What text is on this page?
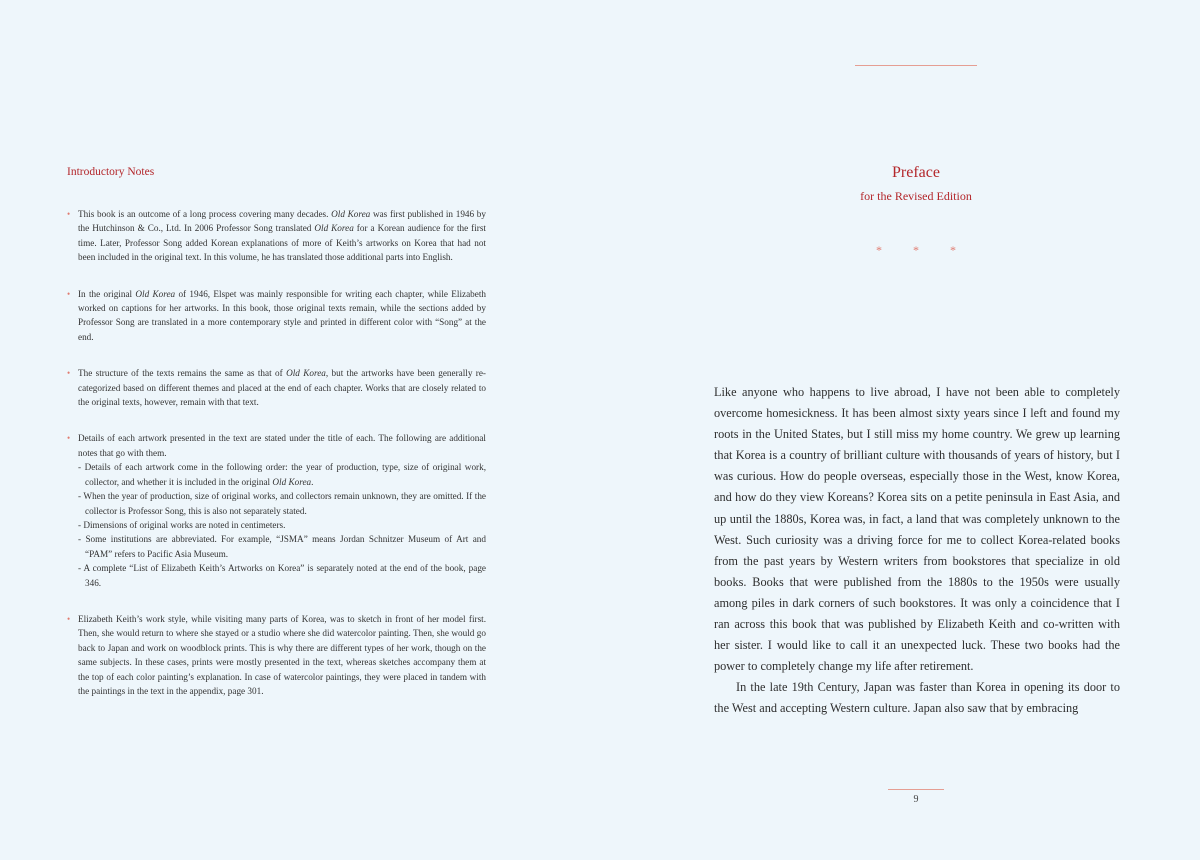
Introductory Notes
• This book is an outcome of a long process covering many decades. Old Korea was first published in 1946 by the Hutchinson & Co., Ltd. In 2006 Professor Song translated Old Korea for a Korean audience for the first time. Later, Professor Song added Korean explanations of more of Keith’s artworks on Korea that had not been included in the original text. In this volume, he has translated those additional parts into English.
• In the original Old Korea of 1946, Elspet was mainly responsible for writing each chapter, while Elizabeth worked on captions for her artworks. In this book, those original texts remain, while the sections added by Professor Song are translated in a more contemporary style and printed in different color with “Song” at the end.
• The structure of the texts remains the same as that of Old Korea, but the artworks have been generally re-categorized based on different themes and placed at the end of each chapter. Works that are closely related to the original texts, however, remain with that text.
• Details of each artwork presented in the text are stated under the title of each. The following are additional notes that go with them.
- Details of each artwork come in the following order: the year of production, type, size of original work, collector, and whether it is included in the original Old Korea.
- When the year of production, size of original works, and collectors remain unknown, they are omitted. If the collector is Professor Song, this is also not separately stated.
- Dimensions of original works are noted in centimeters.
- Some institutions are abbreviated. For example, “JSMA” means Jordan Schnitzer Museum of Art and “PAM” refers to Pacific Asia Museum.
- A complete “List of Elizabeth Keith’s Artworks on Korea” is separately noted at the end of the book, page 346.
• Elizabeth Keith’s work style, while visiting many parts of Korea, was to sketch in front of her model first. Then, she would return to where she stayed or a studio where she did watercolor painting. Then, she would go back to Japan and work on woodblock prints. This is why there are different types of her work, though on the same subjects. In these cases, prints were mostly presented in the text, whereas sketches accompany them at the top of each color painting’s explanation. In case of watercolor paintings, they were placed in tandem with the paintings in the text in the appendix, page 301.
Preface
for the Revised Edition
* * *

Like anyone who happens to live abroad, I have not been able to completely overcome homesickness. It has been almost sixty years since I left and found my roots in the United States, but I still miss my home country. We grew up learning that Korea is a country of brilliant culture with thousands of years of history, but I was curious. How do people overseas, especially those in the West, know Korea, and how do they view Koreans? Korea sits on a petite peninsula in East Asia, and up until the 1880s, Korea was, in fact, a land that was completely unknown to the West. Such curiosity was a driving force for me to collect Korea-related books from the past years by Western writers from bookstores that specialize in old books. Books that were published from the 1880s to the 1950s were usually among piles in dark corners of such bookstores. It was only a coincidence that I ran across this book that was published by Elizabeth Keith and co-written with her sister. I would like to call it an unexpected luck. These two books had the power to completely change my life after retirement.

In the late 19th Century, Japan was faster than Korea in opening its door to the West and accepting Western culture. Japan also saw that by embracing

9
